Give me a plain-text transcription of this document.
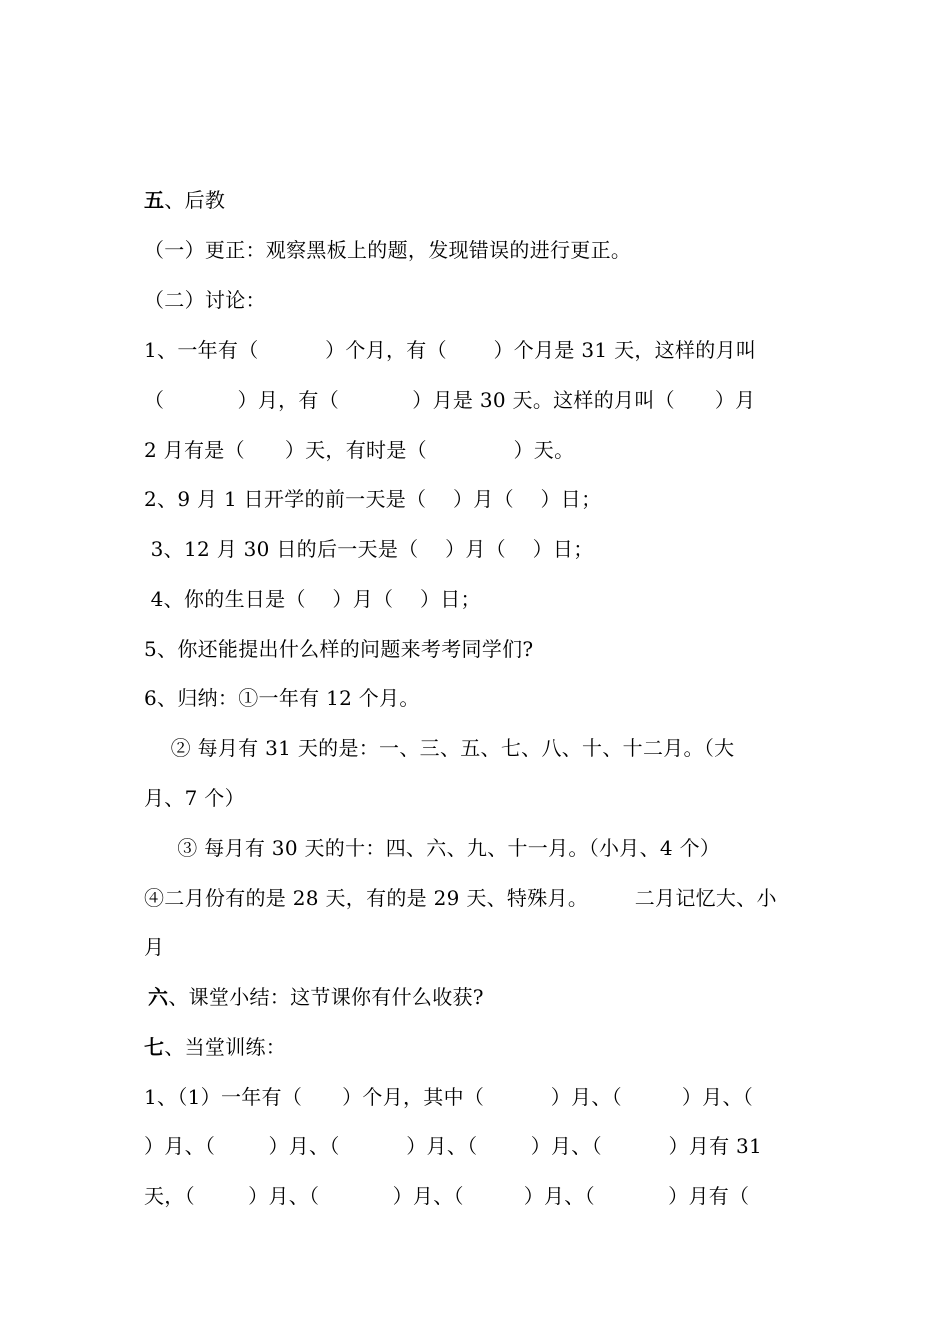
五、后教
（一）更正：观察黑板上的题，发现错误的进行更正。
（二）讨论：
1、一年有（          ）个月，有（       ）个月是 31 天，这样的月叫
（           ）月，有（           ）月是 30 天。这样的月叫（      ）月
2 月有是（      ）天，有时是（             ）天。
2、9 月 1 日开学的前一天是（    ）月（    ）日；
3、12 月 30 日的后一天是（    ）月（    ）日；
4、你的生日是（    ）月（    ）日；
5、你还能提出什么样的问题来考考同学们?
6、归纳：①一年有 12 个月。
② 每月有 31 天的是：一、三、五、七、八、十、十二月。（大
月、7 个）
③ 每月有 30 天的十：四、六、九、十一月。（小月、4 个）
④二月份有的是 28 天，有的是 29 天、特殊月。       二月记忆大、小
月
六、课堂小结：这节课你有什么收获?
七、当堂训练：
1、（1）一年有（      ）个月，其中（          ）月、（         ）月、（
）月、（        ）月、（          ）月、（        ）月、（          ）月有 31
天，（        ）月、（           ）月、（         ）月、（           ）月有（
